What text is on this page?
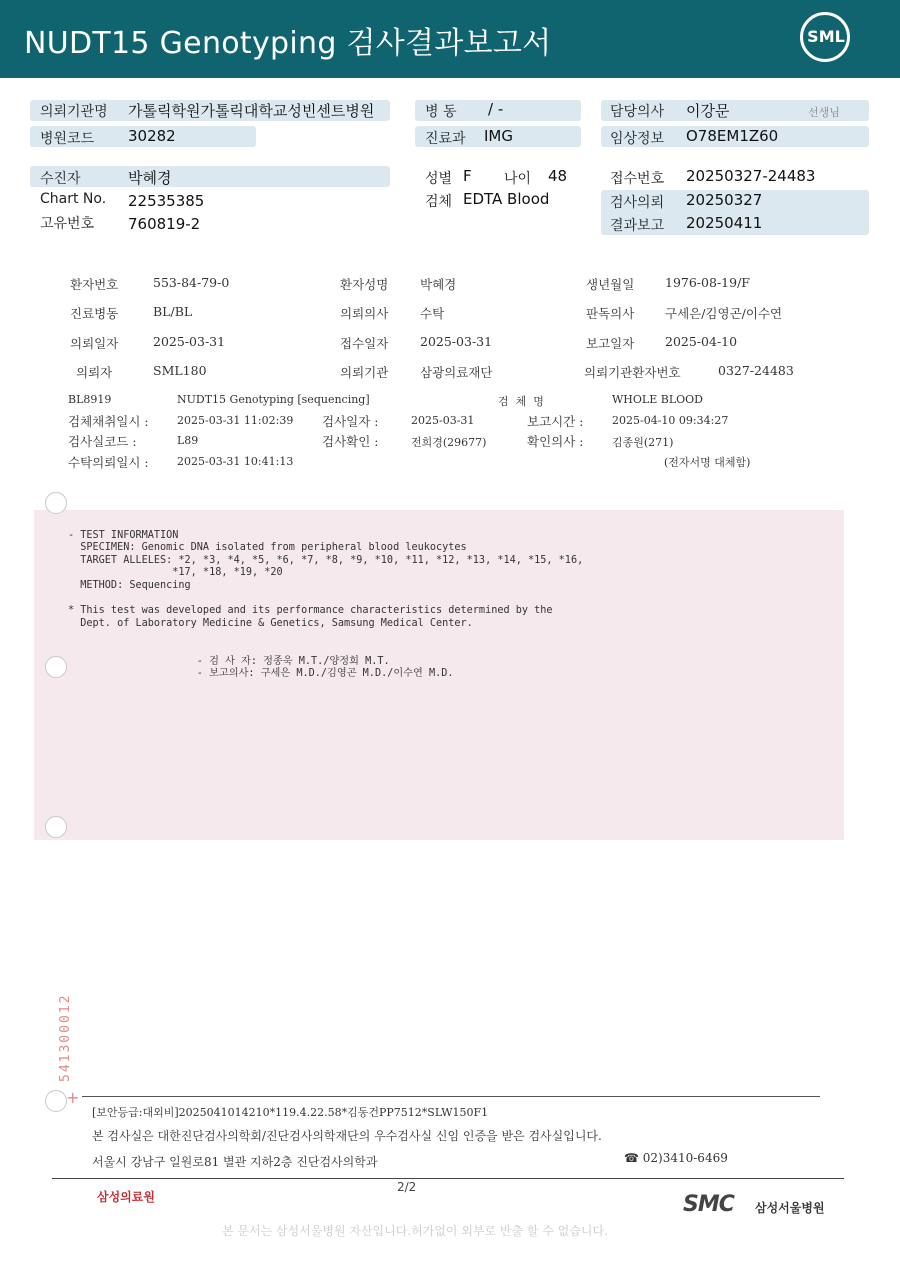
NUDT15 Genotyping 검사결과보고서	SML
의뢰기관명 가톨릭학원가톨릭대학교성빈센트병원
병원코드 30282
병 동 / -
진료과 IMG
담당의사 이강문	선생님
임상정보 O78EM1Z60
수진자	박혜경
Chart No. 22535385
고유번호 760819-2
성별 F 나이 48
검체 EDTA Blood
접수번호 20250327-24483
검사의뢰 20250327
결과보고 20250411
환자번호	553-84-79-0	환자성명	박혜경	생년월일 1976-08-19/F
진료병동	BL/BL	의뢰의사	수탁	판독의사 구세은/김영곤/이수연
의뢰일자	2025-03-31	접수일자	2025-03-31	보고일자 2025-04-10
의뢰자	SML180	의뢰기관	삼광의료재단	의뢰기관환자번호	0327-24483
BL8919	NUDT15 Genotyping [sequencing]	검  체  명	WHOLE BLOOD
검체채취일시 :	2025-03-31 11:02:39 검사일자 :	2025-03-31	보고시간 :	2025-04-10 09:34:27
검사실코드 :	L89	검사확인 :	전희경(29677)	확인의사 :	김종원(271)
수탁의뢰일시 :	2025-03-31 10:41:13	(전자서명 대체함)

- TEST INFORMATION
SPECIMEN: Genomic DNA isolated from peripheral blood leukocytes
TARGET ALLELES: *2, *3, *4, *5, *6, *7, *8, *9, *10, *11, *12, *13, *14, *15, *16,
*17, *18, *19, *20
METHOD: Sequencing

* This test was developed and its performance characteristics determined by the
Dept. of Laboratory Medicine & Genetics, Samsung Medical Center.

- 검 사 자: 정종욱 M.T./양정희 M.T.
- 보고의사: 구세은 M.D./김영곤 M.D./이수연 M.D.
541300012
+
[보안등급:대외비]2025041014210*119.4.22.58*김동건PP7512*SLW150F1
본 검사실은 대한진단검사의학회/진단검사의학재단의 우수검사실 신임 인증을 받은 검사실입니다.
서울시 강남구 일원로81 별관 지하2층 진단검사의학과	☎ 02)3410-6469
2/2
삼성의료원	SMC 삼성서울병원
본 문서는 삼성서울병원 자산입니다.허가없이 외부로 반출 할 수 없습니다.
